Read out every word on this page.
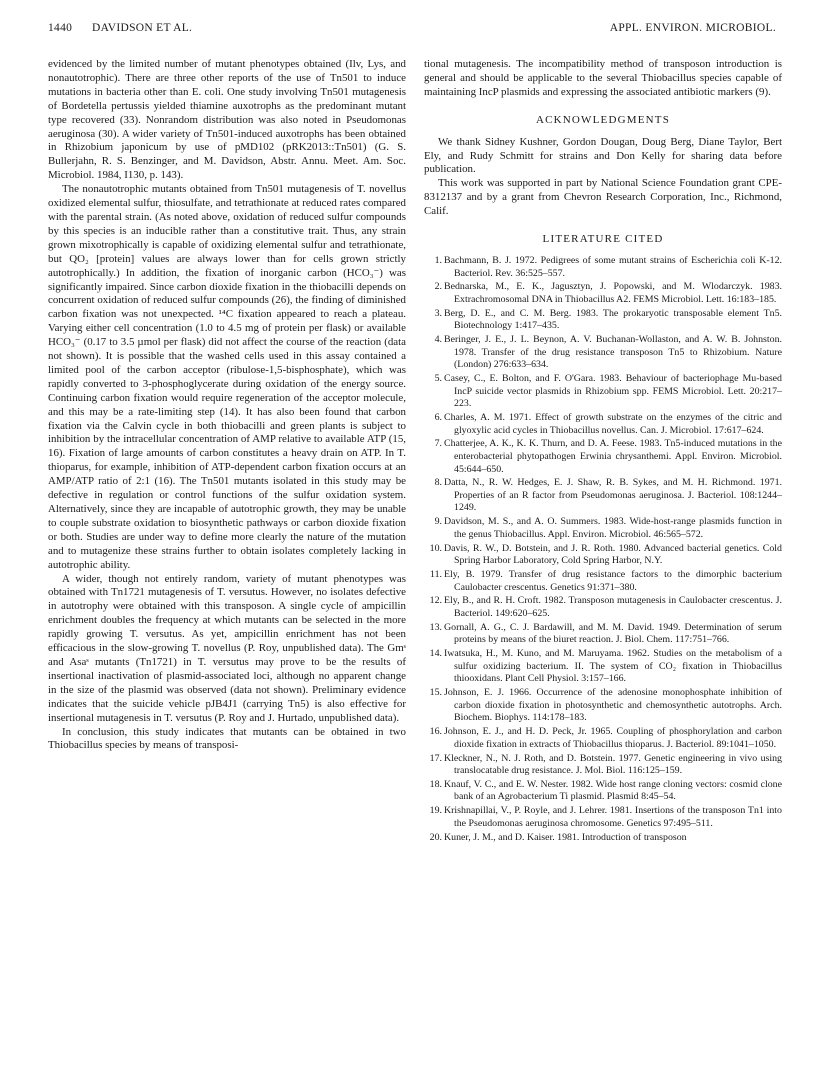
1440 DAVIDSON ET AL.	APPL. ENVIRON. MICROBIOL.

evidenced by the limited number of mutant phenotypes obtained (Ilv, Lys, and nonautotrophic). There are three other reports of the use of Tn501 to induce mutations in bacteria other than E. coli. One study involving Tn501 mutagenesis of Bordetella pertussis yielded thiamine auxotrophs as the predominant mutant type recovered (33). Nonrandom distribution was also noted in Pseudomonas aeruginosa (30). A wider variety of Tn501-induced auxotrophs has been obtained in Rhizobium japonicum by use of pMD102 (pRK2013::Tn501) (G. S. Bullerjahn, R. S. Benzinger, and M. Davidson, Abstr. Annu. Meet. Am. Soc. Microbiol. 1984, I130, p. 143).

The nonautotrophic mutants obtained from Tn501 mutagenesis of T. novellus oxidized elemental sulfur, thiosulfate, and tetrathionate at reduced rates compared with the parental strain. (As noted above, oxidation of reduced sulfur compounds by this species is an inducible rather than a constitutive trait. Thus, any strain grown mixotrophically is capable of oxidizing elemental sulfur and tetrathionate, but QO₂ [protein] values are always lower than for cells grown strictly autotrophically.) In addition, the fixation of inorganic carbon (HCO₃⁻) was significantly impaired. Since carbon dioxide fixation in the thiobacilli depends on concurrent oxidation of reduced sulfur compounds (26), the finding of diminished carbon fixation was not unexpected. ¹⁴C fixation appeared to reach a plateau. Varying either cell concentration (1.0 to 4.5 mg of protein per flask) or available HCO₃⁻ (0.17 to 3.5 µmol per flask) did not affect the course of the reaction (data not shown). It is possible that the washed cells used in this assay contained a limited pool of the carbon acceptor (ribulose-1,5-bisphosphate), which was rapidly converted to 3-phosphoglycerate during oxidation of the energy source. Continuing carbon fixation would require regeneration of the acceptor molecule, and this may be a rate-limiting step (14). It has also been found that carbon fixation via the Calvin cycle in both thiobacilli and green plants is subject to inhibition by the intracellular concentration of AMP relative to available ATP (15, 16). Fixation of large amounts of carbon constitutes a heavy drain on ATP. In T. thioparus, for example, inhibition of ATP-dependent carbon fixation occurs at an AMP/ATP ratio of 2:1 (16). The Tn501 mutants isolated in this study may be defective in regulation or control functions of the sulfur oxidation system. Alternatively, since they are incapable of autotrophic growth, they may be unable to couple substrate oxidation to biosynthetic pathways or carbon dioxide fixation or both. Studies are under way to define more clearly the nature of the mutation and to mutagenize these strains further to obtain isolates completely lacking in autotrophic ability.

A wider, though not entirely random, variety of mutant phenotypes was obtained with Tn1721 mutagenesis of T. versutus. However, no isolates defective in autotrophy were obtained with this transposon. A single cycle of ampicillin enrichment doubles the frequency at which mutants can be selected in the more rapidly growing T. versutus. As yet, ampicillin enrichment has not been efficacious in the slow-growing T. novellus (P. Roy, unpublished data). The Gmˢ and Asaˢ mutants (Tn1721) in T. versutus may prove to be the results of insertional inactivation of plasmid-associated loci, although no apparent change in the size of the plasmid was observed (data not shown). Preliminary evidence indicates that the suicide vehicle pJB4J1 (carrying Tn5) is also effective for insertional mutagenesis in T. versutus (P. Roy and J. Hurtado, unpublished data).

In conclusion, this study indicates that mutants can be obtained in two Thiobacillus species by means of transposi-

tional mutagenesis. The incompatibility method of transposon introduction is general and should be applicable to the several Thiobacillus species capable of maintaining IncP plasmids and expressing the associated antibiotic markers (9).

ACKNOWLEDGMENTS

We thank Sidney Kushner, Gordon Dougan, Doug Berg, Diane Taylor, Bert Ely, and Rudy Schmitt for strains and Don Kelly for sharing data before publication.

This work was supported in part by National Science Foundation grant CPE-8312137 and by a grant from Chevron Research Corporation, Inc., Richmond, Calif.

LITERATURE CITED
1. Bachmann, B. J. 1972. Pedigrees of some mutant strains of Escherichia coli K-12. Bacteriol. Rev. 36:525–557.
2. Bednarska, M., E. K., Jagusztyn, J. Popowski, and M. Wlodarczyk. 1983. Extrachromosomal DNA in Thiobacillus A2. FEMS Microbiol. Lett. 16:183–185.
3. Berg, D. E., and C. M. Berg. 1983. The prokaryotic transposable element Tn5. Biotechnology 1:417–435.
4. Beringer, J. E., J. L. Beynon, A. V. Buchanan-Wollaston, and A. W. B. Johnston. 1978. Transfer of the drug resistance transposon Tn5 to Rhizobium. Nature (London) 276:633–634.
5. Casey, C., E. Bolton, and F. O'Gara. 1983. Behaviour of bacteriophage Mu-based IncP suicide vector plasmids in Rhizobium spp. FEMS Microbiol. Lett. 20:217–223.
6. Charles, A. M. 1971. Effect of growth substrate on the enzymes of the citric and glyoxylic acid cycles in Thiobacillus novellus. Can. J. Microbiol. 17:617–624.
7. Chatterjee, A. K., K. K. Thurn, and D. A. Feese. 1983. Tn5-induced mutations in the enterobacterial phytopathogen Erwinia chrysanthemi. Appl. Environ. Microbiol. 45:644–650.
8. Datta, N., R. W. Hedges, E. J. Shaw, R. B. Sykes, and M. H. Richmond. 1971. Properties of an R factor from Pseudomonas aeruginosa. J. Bacteriol. 108:1244–1249.
9. Davidson, M. S., and A. O. Summers. 1983. Wide-host-range plasmids function in the genus Thiobacillus. Appl. Environ. Microbiol. 46:565–572.
10. Davis, R. W., D. Botstein, and J. R. Roth. 1980. Advanced bacterial genetics. Cold Spring Harbor Laboratory, Cold Spring Harbor, N.Y.
11. Ely, B. 1979. Transfer of drug resistance factors to the dimorphic bacterium Caulobacter crescentus. Genetics 91:371–380.
12. Ely, B., and R. H. Croft. 1982. Transposon mutagenesis in Caulobacter crescentus. J. Bacteriol. 149:620–625.
13. Gornall, A. G., C. J. Bardawill, and M. M. David. 1949. Determination of serum proteins by means of the biuret reaction. J. Biol. Chem. 117:751–766.
14. Iwatsuka, H., M. Kuno, and M. Maruyama. 1962. Studies on the metabolism of a sulfur oxidizing bacterium. II. The system of CO₂ fixation in Thiobacillus thiooxidans. Plant Cell Physiol. 3:157–166.
15. Johnson, E. J. 1966. Occurrence of the adenosine monophosphate inhibition of carbon dioxide fixation in photosynthetic and chemosynthetic autotrophs. Arch. Biochem. Biophys. 114:178–183.
16. Johnson, E. J., and H. D. Peck, Jr. 1965. Coupling of phosphorylation and carbon dioxide fixation in extracts of Thiobacillus thioparus. J. Bacteriol. 89:1041–1050.
17. Kleckner, N., N. J. Roth, and D. Botstein. 1977. Genetic engineering in vivo using translocatable drug resistance. J. Mol. Biol. 116:125–159.
18. Knauf, V. C., and E. W. Nester. 1982. Wide host range cloning vectors: cosmid clone bank of an Agrobacterium Ti plasmid. Plasmid 8:45–54.
19. Krishnapillai, V., P. Royle, and J. Lehrer. 1981. Insertions of the transposon Tn1 into the Pseudomonas aeruginosa chromosome. Genetics 97:495–511.
20. Kuner, J. M., and D. Kaiser. 1981. Introduction of transposon
